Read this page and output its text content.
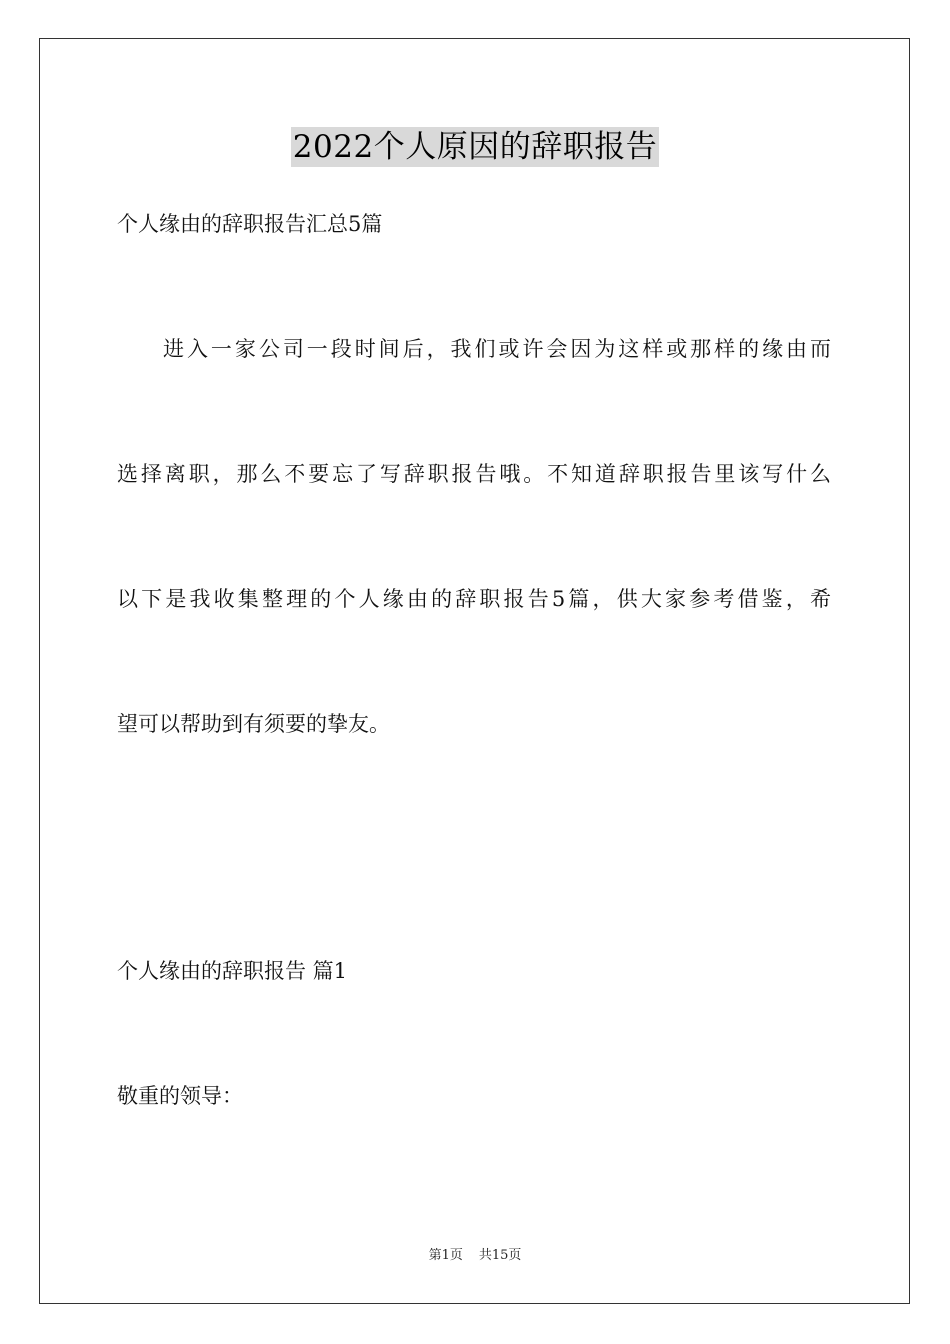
2022个人原因的辞职报告
个人缘由的辞职报告汇总5篇
进入一家公司一段时间后，我们或许会因为这样或那样的缘由而
选择离职，那么不要忘了写辞职报告哦。不知道辞职报告里该写什么
以下是我收集整理的个人缘由的辞职报告5篇，供大家参考借鉴，希
望可以帮助到有须要的挚友。
个人缘由的辞职报告 篇1
敬重的领导：
第1页 共15页
